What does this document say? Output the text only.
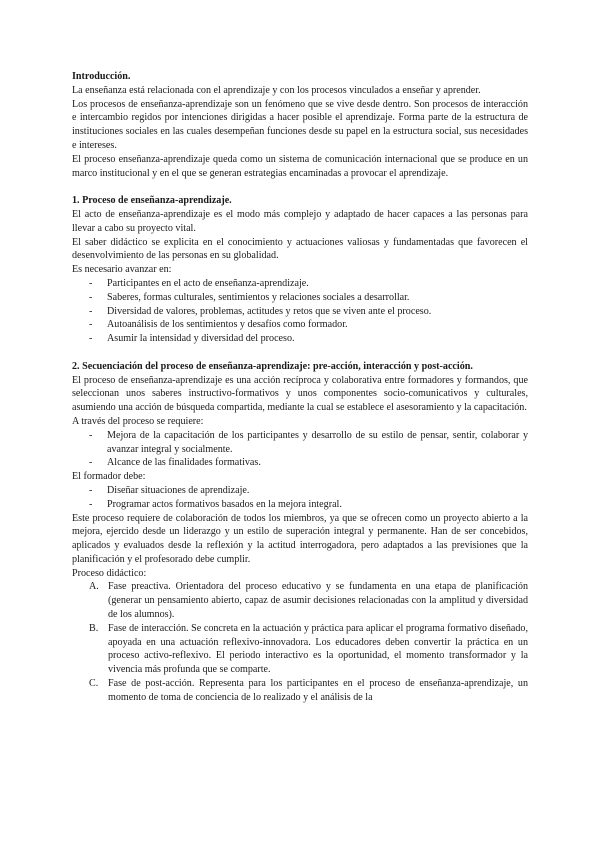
Introducción.

La enseñanza está relacionada con el aprendizaje y con los procesos vinculados a enseñar y aprender.

Los procesos de enseñanza-aprendizaje son un fenómeno que se vive desde dentro. Son procesos de interacción e intercambio regidos por intenciones dirigidas a hacer posible el aprendizaje. Forma parte de la estructura de instituciones sociales en las cuales desempeñan funciones desde su papel en la estructura social, sus necesidades e intereses.

El proceso enseñanza-aprendizaje queda como un sistema de comunicación internacional que se produce en un marco institucional y en el que se generan estrategias encaminadas a provocar el aprendizaje.

1. Proceso de enseñanza-aprendizaje.

El acto de enseñanza-aprendizaje es el modo más complejo y adaptado de hacer capaces a las personas para llevar a cabo su proyecto vital.

El saber didáctico se explicita en el conocimiento y actuaciones valiosas y fundamentadas que favorecen el desenvolvimiento de las personas en su globalidad.

Es necesario avanzar en:

- Participantes en el acto de enseñanza-aprendizaje.
- Saberes, formas culturales, sentimientos y relaciones sociales a desarrollar.
- Diversidad de valores, problemas, actitudes y retos que se viven ante el proceso.
- Autoanálisis de los sentimientos y desafíos como formador.
- Asumir la intensidad y diversidad del proceso.

2. Secuenciación del proceso de enseñanza-aprendizaje: pre-acción, interacción y post-acción.

El proceso de enseñanza-aprendizaje es una acción recíproca y colaborativa entre formadores y formandos, que seleccionan unos saberes instructivo-formativos y unos componentes socio-comunicativos y culturales, asumiendo una acción de búsqueda compartida, mediante la cual se establece el asesoramiento y la capacitación.

A través del proceso se requiere:

- Mejora de la capacitación de los participantes y desarrollo de su estilo de pensar, sentir, colaborar y avanzar integral y socialmente.
- Alcance de las finalidades formativas.

El formador debe:

- Diseñar situaciones de aprendizaje.
- Programar actos formativos basados en la mejora integral.

Este proceso requiere de colaboración de todos los miembros, ya que se ofrecen como un proyecto abierto a la mejora, ejercido desde un liderazgo y un estilo de superación integral y permanente. Han de ser concebidos, aplicados y evaluados desde la reflexión y la actitud interrogadora, pero adaptados a las previsiones que la planificación y el profesorado debe cumplir.

Proceso didáctico:

A. Fase preactiva. Orientadora del proceso educativo y se fundamenta en una etapa de planificación (generar un pensamiento abierto, capaz de asumir decisiones relacionadas con la amplitud y diversidad de los alumnos).
B. Fase de interacción. Se concreta en la actuación y práctica para aplicar el programa formativo diseñado, apoyada en una actuación reflexivo-innovadora. Los educadores deben convertir la práctica en un proceso activo-reflexivo. El periodo interactivo es la oportunidad, el momento transformador y la vivencia más profunda que se comparte.
C. Fase de post-acción. Representa para los participantes en el proceso de enseñanza-aprendizaje, un momento de toma de conciencia de lo realizado y el análisis de la
